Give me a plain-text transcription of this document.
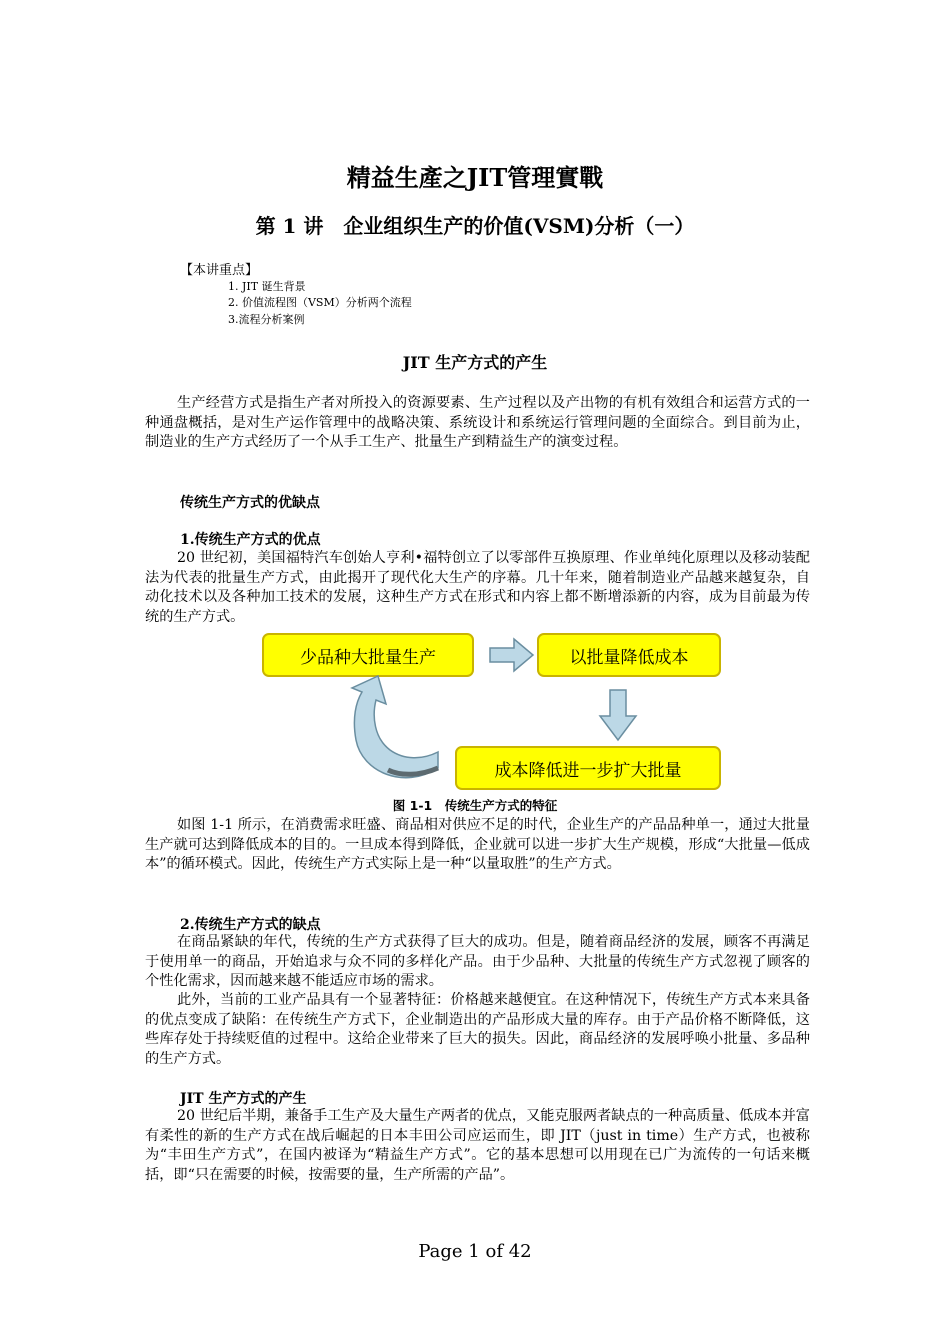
精益生產之JIT管理實戰
第 1 讲　企业组织生产的价值(VSM)分析（一）
【本讲重点】
1. JIT 诞生背景
2. 价值流程图（VSM）分析两个流程
3.流程分析案例
JIT 生产方式的产生

生产经营方式是指生产者对所投入的资源要素、生产过程以及产出物的有机有效组合和运营方式的一种通盘概括，是对生产运作管理中的战略决策、系统设计和系统运行管理问题的全面综合。到目前为止，制造业的生产方式经历了一个从手工生产、批量生产到精益生产的演变过程。

传统生产方式的优缺点
1.传统生产方式的优点

20 世纪初，美国福特汽车创始人亨利•福特创立了以零部件互换原理、作业单纯化原理以及移动装配法为代表的批量生产方式，由此揭开了现代化大生产的序幕。几十年来，随着制造业产品越来越复杂，自动化技术以及各种加工技术的发展，这种生产方式在形式和内容上都不断增添新的内容，成为目前最为传统的生产方式。

少品种大批量生产	以批量降低成本
成本降低进一步扩大批量
图 1-1　传统生产方式的特征

如图 1-1 所示，在消费需求旺盛、商品相对供应不足的时代，企业生产的产品品种单一，通过大批量生产就可达到降低成本的目的。一旦成本得到降低，企业就可以进一步扩大生产规模，形成“大批量—低成本”的循环模式。因此，传统生产方式实际上是一种“以量取胜”的生产方式。

2.传统生产方式的缺点

在商品紧缺的年代，传统的生产方式获得了巨大的成功。但是，随着商品经济的发展，顾客不再满足于使用单一的商品，开始追求与众不同的多样化产品。由于少品种、大批量的传统生产方式忽视了顾客的个性化需求，因而越来越不能适应市场的需求。

此外，当前的工业产品具有一个显著特征：价格越来越便宜。在这种情况下，传统生产方式本来具备的优点变成了缺陷：在传统生产方式下，企业制造出的产品形成大量的库存。由于产品价格不断降低，这些库存处于持续贬值的过程中。这给企业带来了巨大的损失。因此，商品经济的发展呼唤小批量、多品种的生产方式。

JIT 生产方式的产生

20 世纪后半期，兼备手工生产及大量生产两者的优点，又能克服两者缺点的一种高质量、低成本并富有柔性的新的生产方式在战后崛起的日本丰田公司应运而生，即 JIT（just in time）生产方式，也被称为“丰田生产方式”，在国内被译为“精益生产方式”。它的基本思想可以用现在已广为流传的一句话来概括，即“只在需要的时候，按需要的量，生产所需的产品”。

Page 1 of 42
